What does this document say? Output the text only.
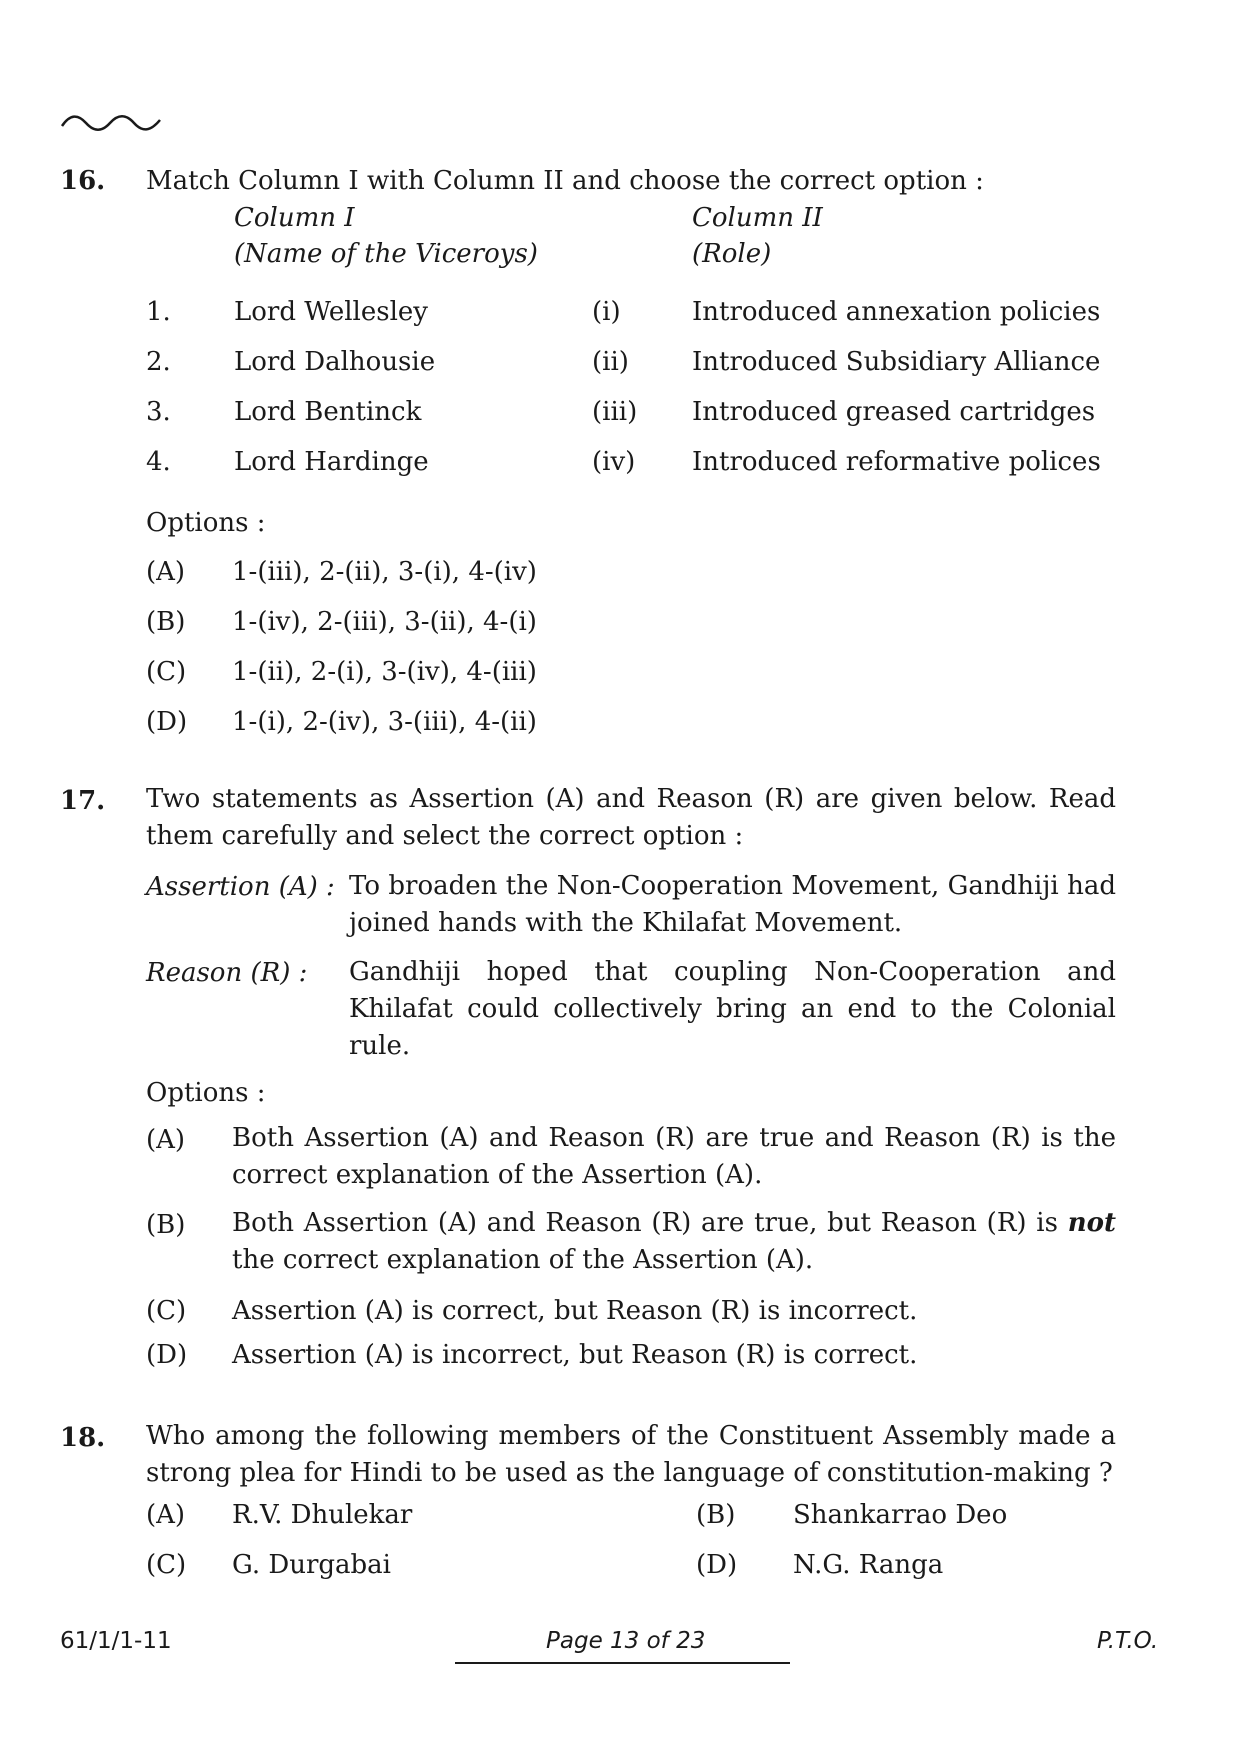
16. Match Column I with Column II and choose the correct option :
Column I
(Name of the Viceroys)
Column II
(Role)
1. Lord Wellesley	(i)	Introduced annexation policies
2. Lord Dalhousie	(ii) Introduced Subsidiary Alliance
3. Lord Bentinck	(iii) Introduced greased cartridges
4. Lord Hardinge	(iv) Introduced reformative polices
Options :
(A) 1-(iii), 2-(ii), 3-(i), 4-(iv)
(B) 1-(iv), 2-(iii), 3-(ii), 4-(i)
(C) 1-(ii), 2-(i), 3-(iv), 4-(iii)
(D) 1-(i), 2-(iv), 3-(iii), 4-(ii)
17. Two statements as Assertion (A) and Reason (R) are given below. Read them carefully and select the correct option :
Assertion (A) : To broaden the Non-Cooperation Movement, Gandhiji had joined hands with the Khilafat Movement.
Reason (R) : Gandhiji hoped that coupling Non-Cooperation and Khilafat could collectively bring an end to the Colonial rule.
Options :
(A) Both Assertion (A) and Reason (R) are true and Reason (R) is the correct explanation of the Assertion (A).
(B) Both Assertion (A) and Reason (R) are true, but Reason (R) is not the correct explanation of the Assertion (A).
(C) Assertion (A) is correct, but Reason (R) is incorrect.
(D) Assertion (A) is incorrect, but Reason (R) is correct.
18. Who among the following members of the Constituent Assembly made a strong plea for Hindi to be used as the language of constitution-making ?
(A) R.V. Dhulekar	(B) Shankarrao Deo
(C) G. Durgabai	(D) N.G. Ranga
61/1/1-11	Page 13 of 23	P.T.O.
